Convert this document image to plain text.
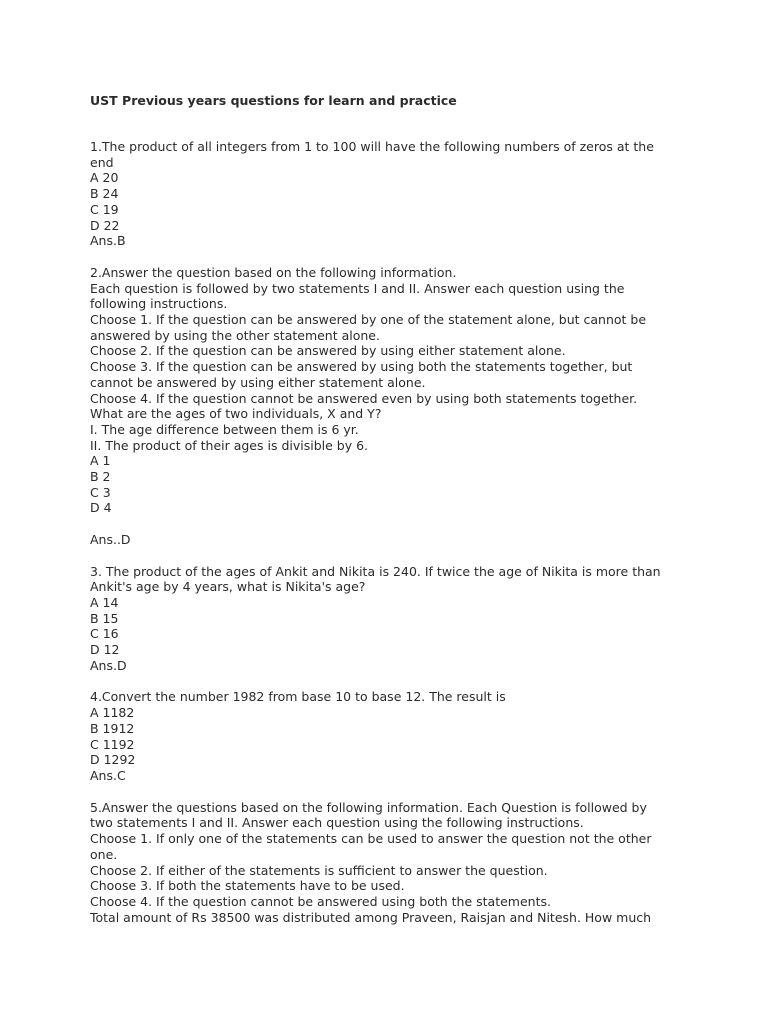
UST Previous years questions for learn and practice
1.The product of all integers from 1 to 100 will have the following numbers of zeros at the
end
A 20
B 24
C 19
D 22
Ans.B
2.Answer the question based on the following information.
Each question is followed by two statements I and II. Answer each question using the
following instructions.
Choose 1. If the question can be answered by one of the statement alone, but cannot be
answered by using the other statement alone.
Choose 2. If the question can be answered by using either statement alone.
Choose 3. If the question can be answered by using both the statements together, but
cannot be answered by using either statement alone.
Choose 4. If the question cannot be answered even by using both statements together.
What are the ages of two individuals, X and Y?
I. The age difference between them is 6 yr.
II. The product of their ages is divisible by 6.
A 1
B 2
C 3
D 4
Ans..D
3. The product of the ages of Ankit and Nikita is 240. If twice the age of Nikita is more than
Ankit's age by 4 years, what is Nikita's age?
A 14
B 15
C 16
D 12
Ans.D
4.Convert the number 1982 from base 10 to base 12. The result is
A 1182
B 1912
C 1192
D 1292
Ans.C
5.Answer the questions based on the following information. Each Question is followed by
two statements I and II. Answer each question using the following instructions.
Choose 1. If only one of the statements can be used to answer the question not the other
one.
Choose 2. If either of the statements is sufficient to answer the question.
Choose 3. If both the statements have to be used.
Choose 4. If the question cannot be answered using both the statements.
Total amount of Rs 38500 was distributed among Praveen, Raisjan and Nitesh. How much
